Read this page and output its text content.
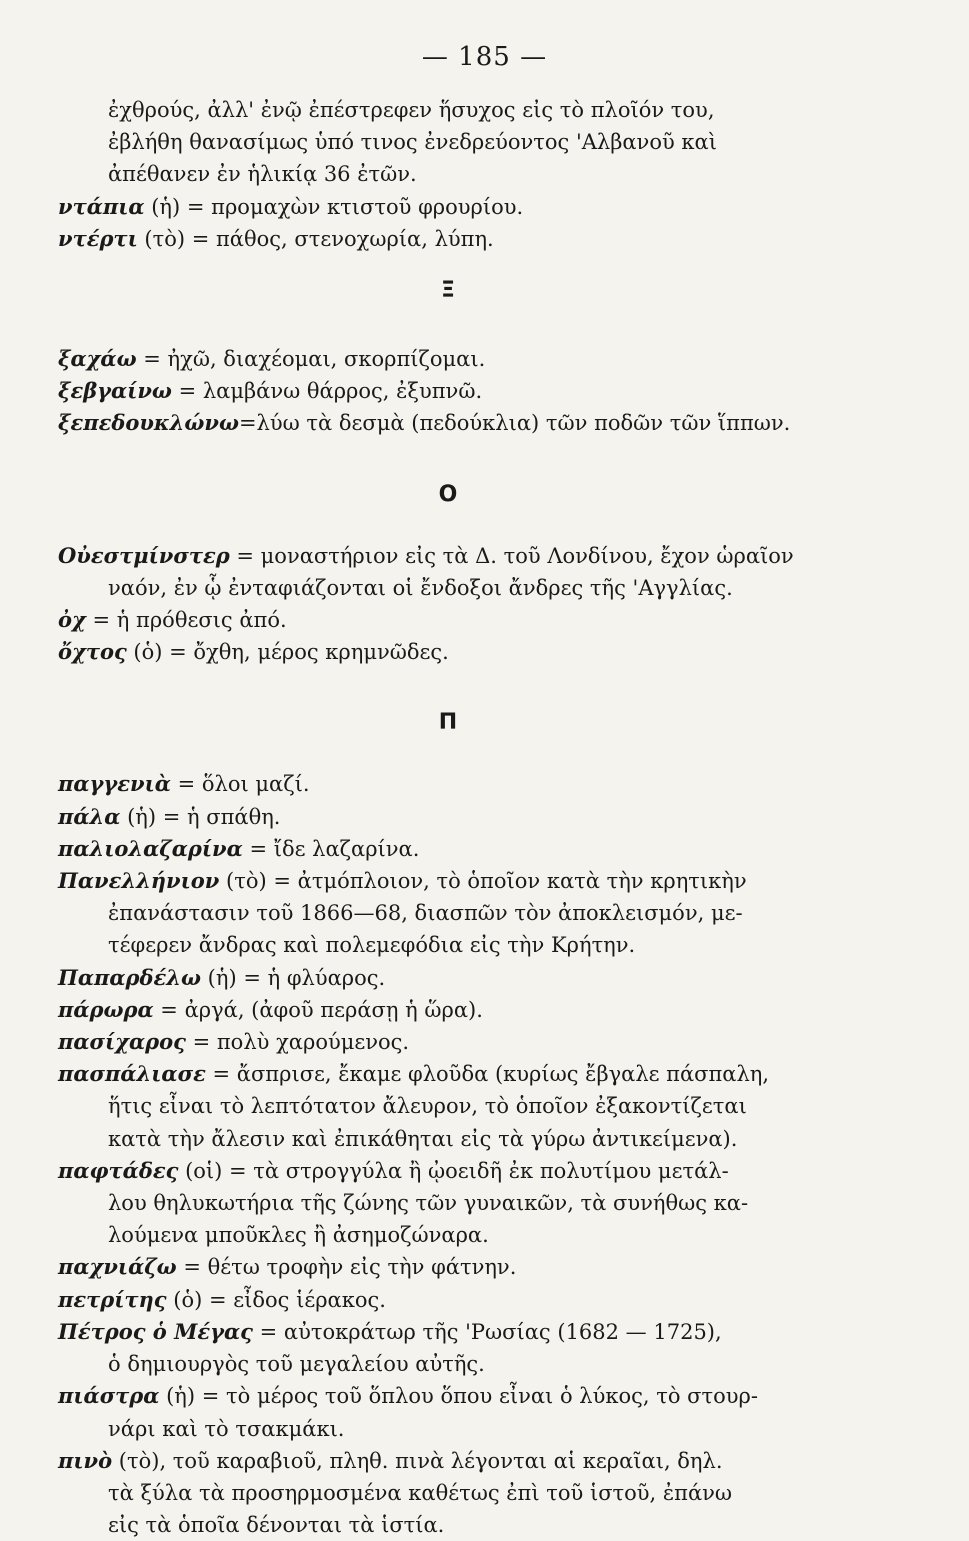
— 185 —

ἐχθρούς, ἀλλ' ἐνῷ ἐπέστρεφεν ἥσυχος εἰς τὸ πλοῖόν του,

ἐβλήθη θανασίμως ὑπό τινος ἐνεδρεύοντος 'Αλβανοῦ καὶ

ἀπέθανεν ἐν ἡλικίᾳ 36 ἐτῶν.

ντάπια (ἡ) = προμαχὼν κτιστοῦ φρουρίου.

ντέρτι (τὸ) = πάθος, στενοχωρία, λύπη.

Ξ

ξαχάω = ἠχῶ, διαχέομαι, σκορπίζομαι.

ξεβγαίνω = λαμβάνω θάρρος, ἐξυπνῶ.

ξεπεδουκλώνω=λύω τὰ δεσμὰ (πεδούκλια) τῶν ποδῶν τῶν ἵππων.

Ο

Οὐεστμίνστερ = μοναστήριον εἰς τὰ Δ. τοῦ Λονδίνου, ἔχον ὡραῖον

ναόν, ἐν ᾧ ἐνταφιάζονται οἱ ἔνδοξοι ἄνδρες τῆς 'Αγγλίας.

ὀχ = ἡ πρόθεσις ἀπό.

ὄχτος (ὁ) = ὄχθη, μέρος κρημνῶδες.

Π

παγγενιὰ = ὅλοι μαζί.

πάλα (ἡ) = ἡ σπάθη.

παλιολαζαρίνα = ἴδε λαζαρίνα.

Πανελλήνιον (τὸ) = ἀτμόπλοιον, τὸ ὁποῖον κατὰ τὴν κρητικὴν

ἐπανάστασιν τοῦ 1866—68, διασπῶν τὸν ἀποκλεισμόν, με-

τέφερεν ἄνδρας καὶ πολεμεφόδια εἰς τὴν Κρήτην.

Παπαρδέλω (ἡ) = ἡ φλύαρος.

πάρωρα = ἀργά, (ἀφοῦ περάσῃ ἡ ὥρα).

πασίχαρος = πολὺ χαρούμενος.

πασπάλιασε = ἄσπρισε, ἔκαμε φλοῦδα (κυρίως ἔβγαλε πάσπαλη,

ἥτις εἶναι τὸ λεπτότατον ἄλευρον, τὸ ὁποῖον ἐξακοντίζεται

κατὰ τὴν ἄλεσιν καὶ ἐπικάθηται εἰς τὰ γύρω ἀντικείμενα).

παφτάδες (οἱ) = τὰ στρογγύλα ἢ ᾠοειδῆ ἐκ πολυτίμου μετάλ-

λου θηλυκωτήρια τῆς ζώνης τῶν γυναικῶν, τὰ συνήθως κα-

λούμενα μποῦκλες ἢ ἀσημοζώναρα.

παχνιάζω = θέτω τροφὴν εἰς τὴν φάτνην.

πετρίτης (ὁ) = εἶδος ἱέρακος.

Πέτρος ὁ Μέγας = αὐτοκράτωρ τῆς 'Ρωσίας (1682 — 1725),

ὁ δημιουργὸς τοῦ μεγαλείου αὐτῆς.

πιάστρα (ἡ) = τὸ μέρος τοῦ ὅπλου ὅπου εἶναι ὁ λύκος, τὸ στουρ-

νάρι καὶ τὸ τσακμάκι.

πινὸ (τὸ), τοῦ καραβιοῦ, πληθ. πινὰ λέγονται αἱ κεραῖαι, δηλ.

τὰ ξύλα τὰ προσηρμοσμένα καθέτως ἐπὶ τοῦ ἱστοῦ, ἐπάνω

εἰς τὰ ὁποῖα δένονται τὰ ἱστία.
